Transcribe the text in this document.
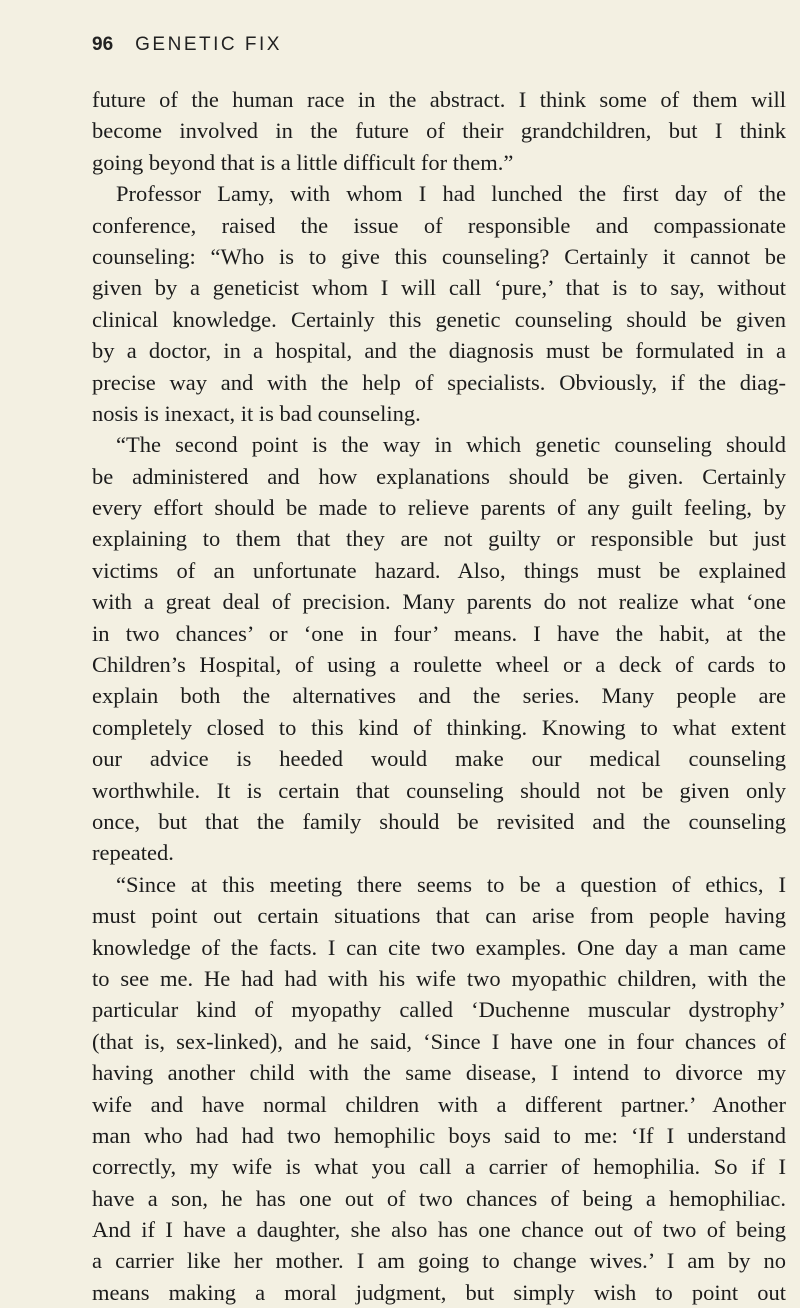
96 GENETIC FIX
future of the human race in the abstract. I think some of them will
become involved in the future of their grandchildren, but I think
going beyond that is a little difficult for them.”
Professor Lamy, with whom I had lunched the first day of the
conference, raised the issue of responsible and compassionate
counseling: “Who is to give this counseling? Certainly it cannot be
given by a geneticist whom I will call ‘pure,’ that is to say, without
clinical knowledge. Certainly this genetic counseling should be given
by a doctor, in a hospital, and the diagnosis must be formulated in a
precise way and with the help of specialists. Obviously, if the diag-
nosis is inexact, it is bad counseling.
“The second point is the way in which genetic counseling should
be administered and how explanations should be given. Certainly
every effort should be made to relieve parents of any guilt feeling, by
explaining to them that they are not guilty or responsible but just
victims of an unfortunate hazard. Also, things must be explained
with a great deal of precision. Many parents do not realize what ‘one
in two chances’ or ‘one in four’ means. I have the habit, at the
Children’s Hospital, of using a roulette wheel or a deck of cards to
explain both the alternatives and the series. Many people are
completely closed to this kind of thinking. Knowing to what extent
our advice is heeded would make our medical counseling
worthwhile. It is certain that counseling should not be given only
once, but that the family should be revisited and the counseling
repeated.
“Since at this meeting there seems to be a question of ethics, I
must point out certain situations that can arise from people having
knowledge of the facts. I can cite two examples. One day a man came
to see me. He had had with his wife two myopathic children, with the
particular kind of myopathy called ‘Duchenne muscular dystrophy’
(that is, sex-linked), and he said, ‘Since I have one in four chances of
having another child with the same disease, I intend to divorce my
wife and have normal children with a different partner.’ Another
man who had had two hemophilic boys said to me: ‘If I understand
correctly, my wife is what you call a carrier of hemophilia. So if I
have a son, he has one out of two chances of being a hemophiliac.
And if I have a daughter, she also has one chance out of two of being
a carrier like her mother. I am going to change wives.’ I am by no
means making a moral judgment, but simply wish to point out
